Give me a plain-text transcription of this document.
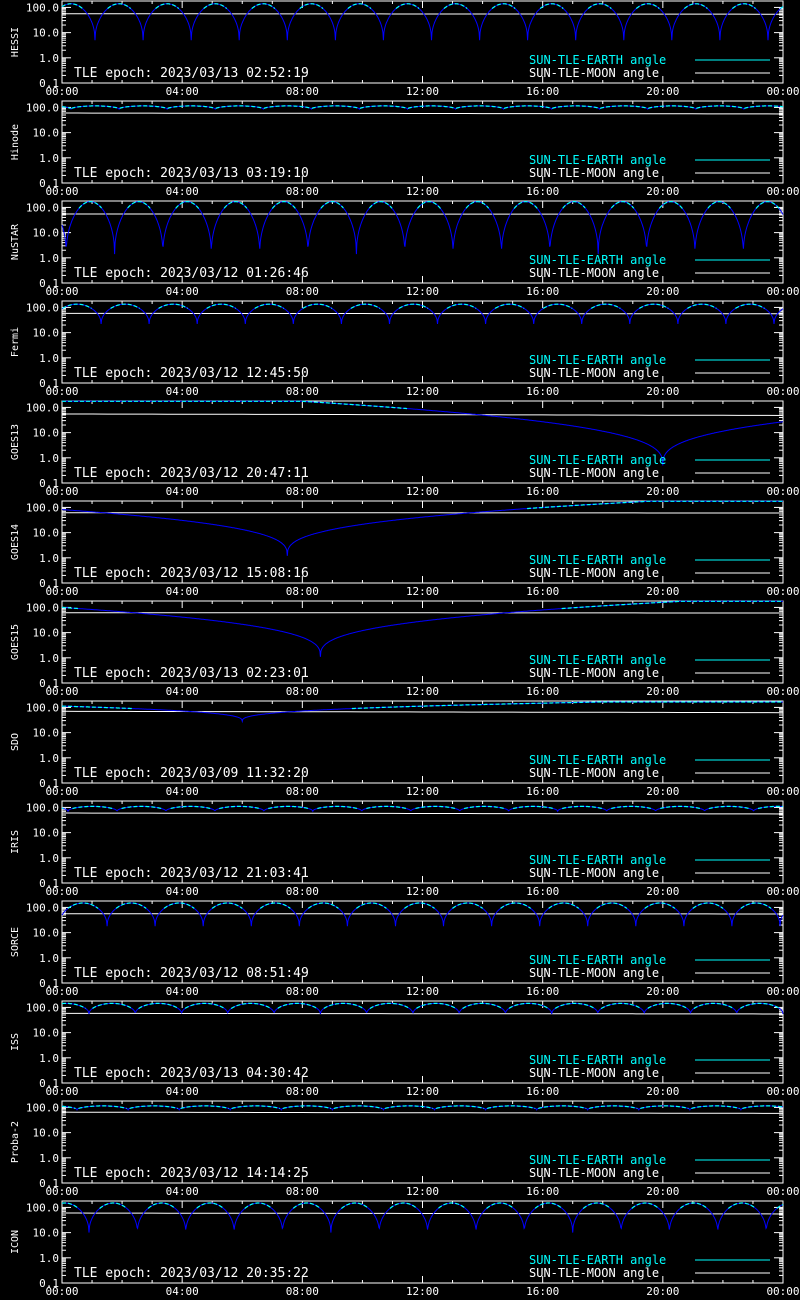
100.0
10.0
1.0
0.1
00:00	04:00	08:00	12:00	16:00	20:00	00:00
HESSI
TLE epoch: 2023/03/13 02:52:19
SUN-TLE-EARTH angle
SUN-TLE-MOON angle
100.0
10.0
1.0
0.1
00:00	04:00	08:00	12:00	16:00	20:00	00:00
Hinode
TLE epoch: 2023/03/13 03:19:10
SUN-TLE-EARTH angle
SUN-TLE-MOON angle
100.0
10.0
1.0
0.1
00:00	04:00	08:00	12:00	16:00	20:00	00:00
NuSTAR
TLE epoch: 2023/03/12 01:26:46
SUN-TLE-EARTH angle
SUN-TLE-MOON angle
100.0
10.0
1.0
0.1
00:00	04:00	08:00	12:00	16:00	20:00	00:00
Fermi
TLE epoch: 2023/03/12 12:45:50
SUN-TLE-EARTH angle
SUN-TLE-MOON angle
100.0
10.0
1.0
0.1
00:00	04:00	08:00	12:00	16:00	20:00	00:00
GOES13
TLE epoch: 2023/03/12 20:47:11
SUN-TLE-EARTH angle
SUN-TLE-MOON angle
100.0
10.0
1.0
0.1
00:00	04:00	08:00	12:00	16:00	20:00	00:00
GOES14
TLE epoch: 2023/03/12 15:08:16
SUN-TLE-EARTH angle
SUN-TLE-MOON angle
100.0
10.0
1.0
0.1
00:00	04:00	08:00	12:00	16:00	20:00	00:00
GOES15
TLE epoch: 2023/03/13 02:23:01
SUN-TLE-EARTH angle
SUN-TLE-MOON angle
100.0
10.0
1.0
0.1
00:00	04:00	08:00	12:00	16:00	20:00	00:00
SDO
TLE epoch: 2023/03/09 11:32:20
SUN-TLE-EARTH angle
SUN-TLE-MOON angle
100.0
10.0
1.0
0.1
00:00	04:00	08:00	12:00	16:00	20:00	00:00
IRIS
TLE epoch: 2023/03/12 21:03:41
SUN-TLE-EARTH angle
SUN-TLE-MOON angle
100.0
10.0
1.0
0.1
00:00	04:00	08:00	12:00	16:00	20:00	00:00
SORCE
TLE epoch: 2023/03/12 08:51:49
SUN-TLE-EARTH angle
SUN-TLE-MOON angle
100.0
10.0
1.0
0.1
00:00	04:00	08:00	12:00	16:00	20:00	00:00
ISS
TLE epoch: 2023/03/13 04:30:42
SUN-TLE-EARTH angle
SUN-TLE-MOON angle
100.0
10.0
1.0
0.1
00:00	04:00	08:00	12:00	16:00	20:00	00:00
Proba-2
TLE epoch: 2023/03/12 14:14:25
SUN-TLE-EARTH angle
SUN-TLE-MOON angle
100.0
10.0
1.0
0.1
00:00	04:00	08:00	12:00	16:00	20:00	00:00
ICON
TLE epoch: 2023/03/12 20:35:22
SUN-TLE-EARTH angle
SUN-TLE-MOON angle
